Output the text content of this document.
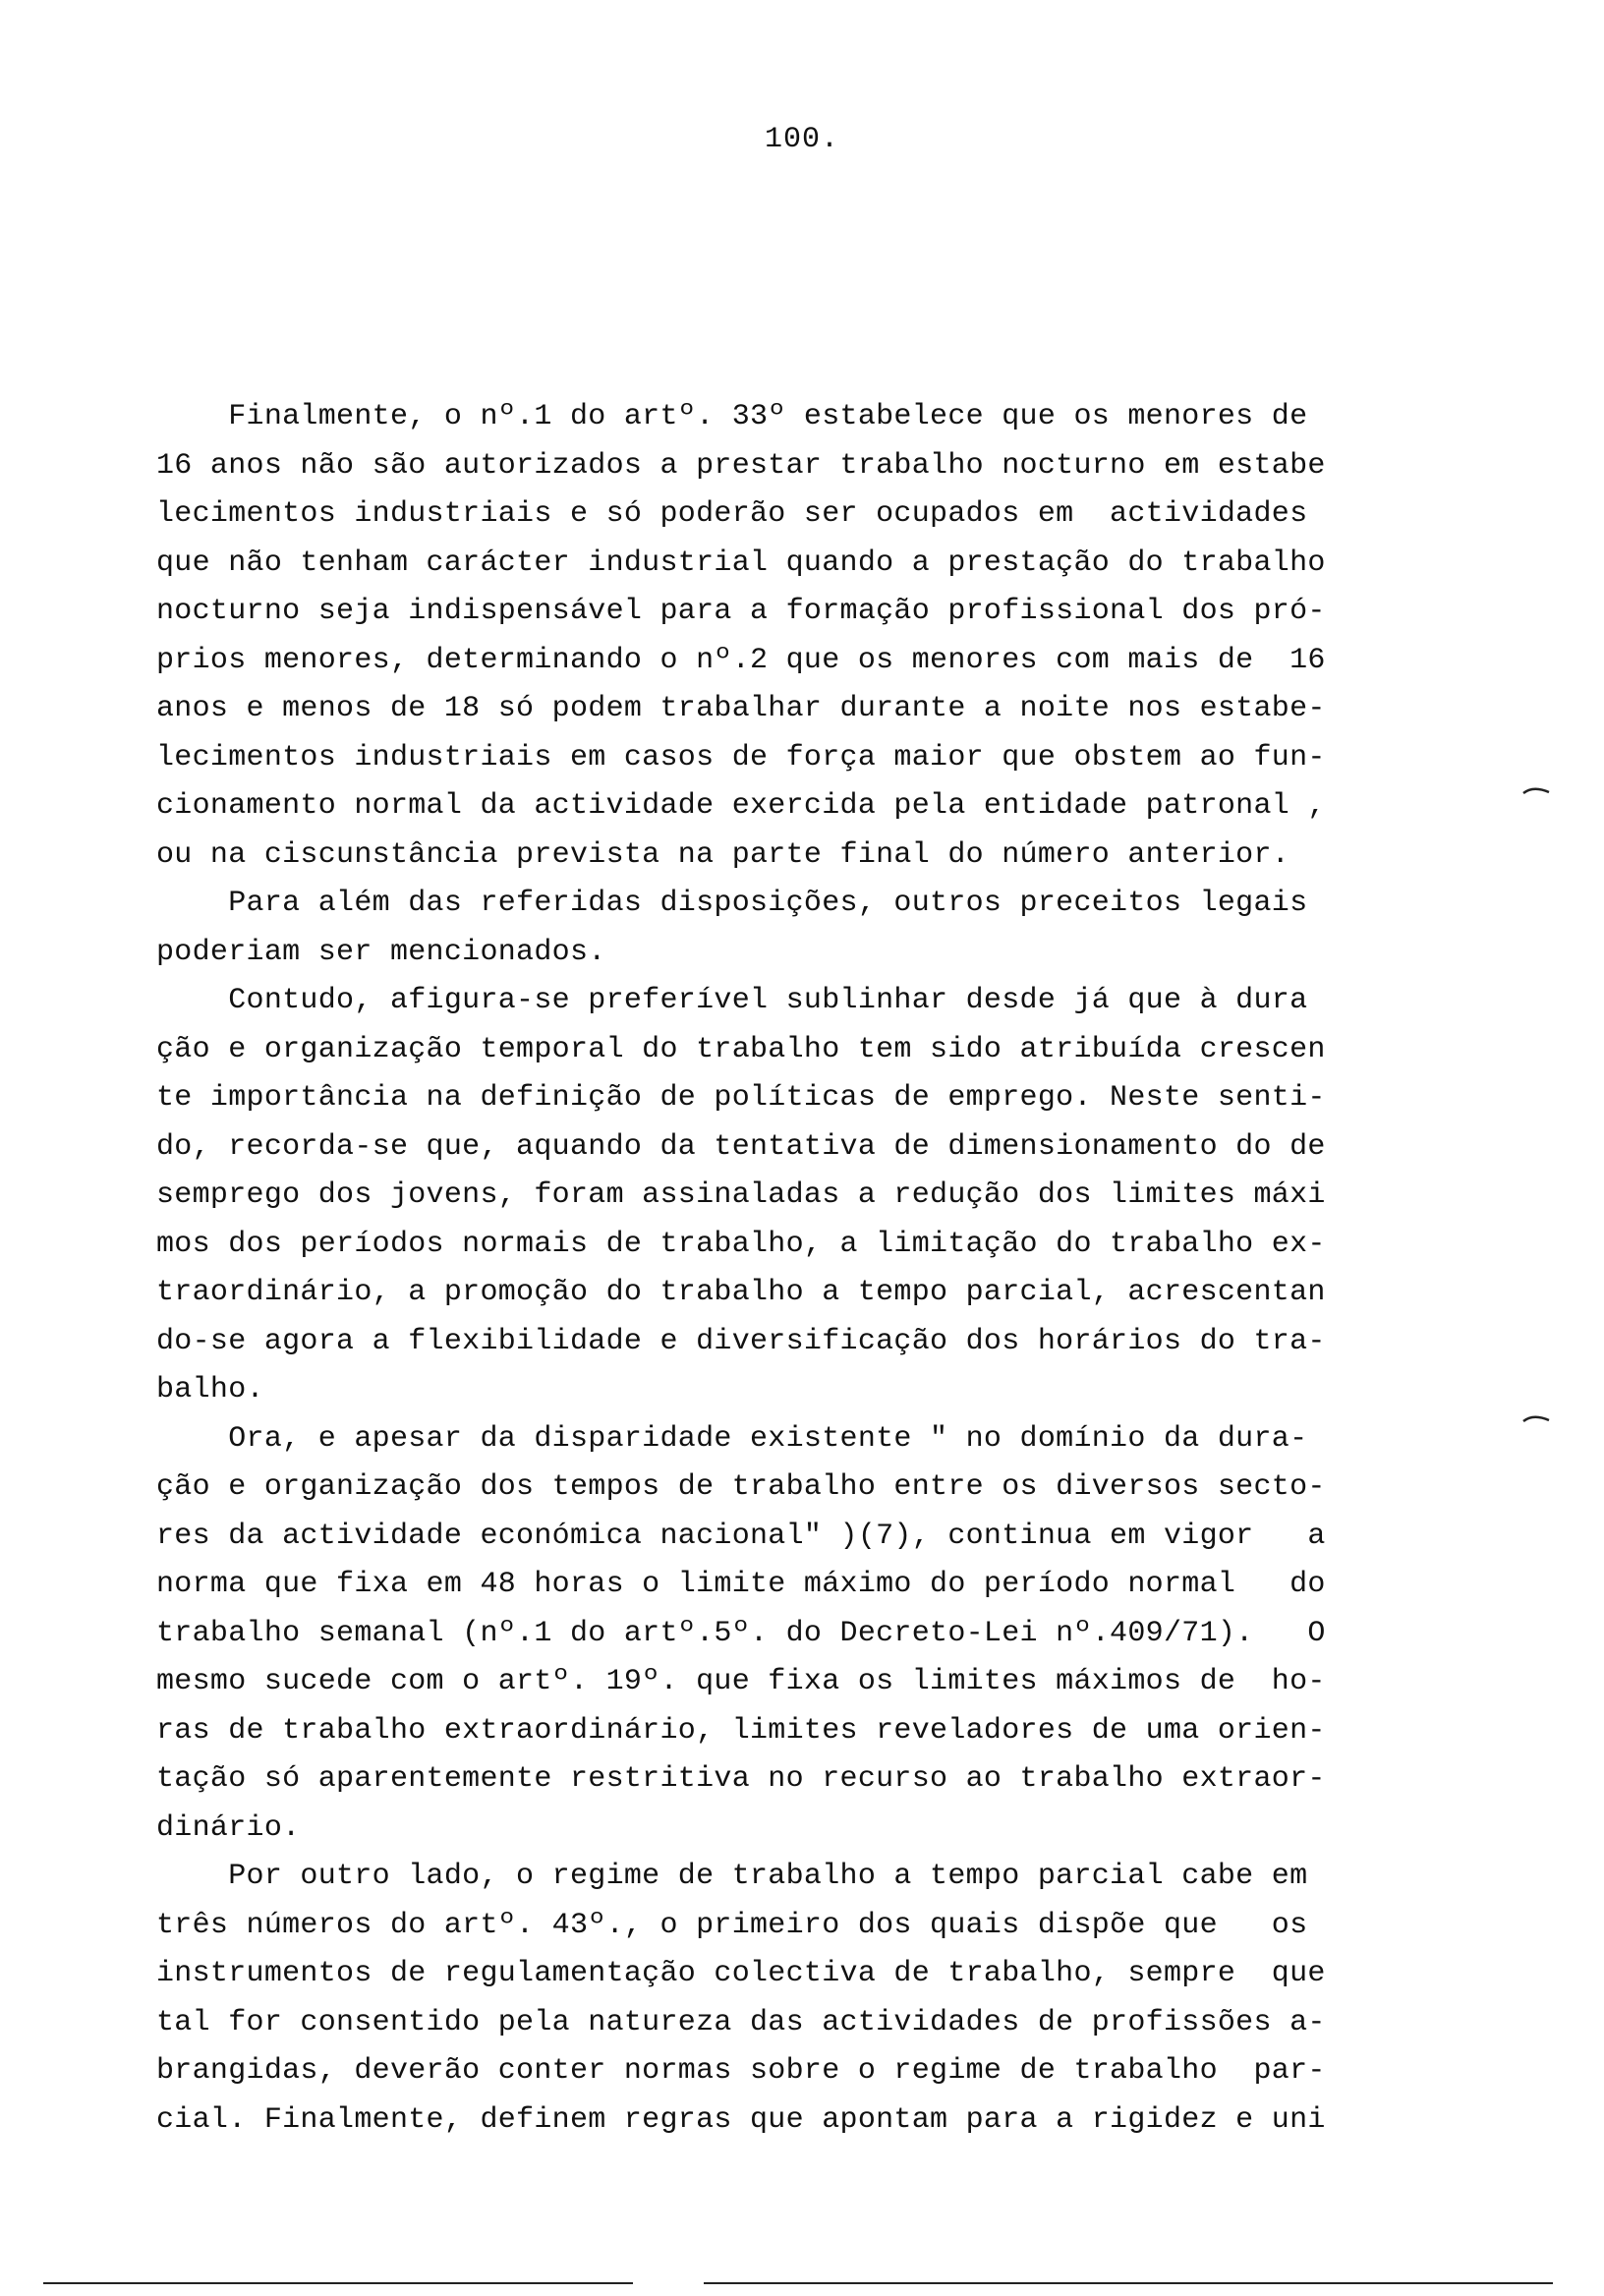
100.
Finalmente, o nº.1 do artº. 33º estabelece que os menores de
16 anos não são autorizados a prestar trabalho nocturno em estabe
lecimentos industriais e só poderão ser ocupados em  actividades
que não tenham carácter industrial quando a prestação do trabalho
nocturno seja indispensável para a formação profissional dos pró-
prios menores, determinando o nº.2 que os menores com mais de  16
anos e menos de 18 só podem trabalhar durante a noite nos estabe-
lecimentos industriais em casos de força maior que obstem ao fun-
cionamento normal da actividade exercida pela entidade patronal ,
ou na ciscunstância prevista na parte final do número anterior.
Para além das referidas disposições, outros preceitos legais
poderiam ser mencionados.
Contudo, afigura-se preferível sublinhar desde já que à dura
ção e organização temporal do trabalho tem sido atribuída crescen
te importância na definição de políticas de emprego. Neste senti-
do, recorda-se que, aquando da tentativa de dimensionamento do de
semprego dos jovens, foram assinaladas a redução dos limites máxi
mos dos períodos normais de trabalho, a limitação do trabalho ex-
traordinário, a promoção do trabalho a tempo parcial, acrescentan
do-se agora a flexibilidade e diversificação dos horários do tra-
balho.
Ora, e apesar da disparidade existente " no domínio da dura-
ção e organização dos tempos de trabalho entre os diversos secto-
res da actividade económica nacional" )(7), continua em vigor   a
norma que fixa em 48 horas o limite máximo do período normal   do
trabalho semanal (nº.1 do artº.5º. do Decreto-Lei nº.409/71).   O
mesmo sucede com o artº. 19º. que fixa os limites máximos de  ho-
ras de trabalho extraordinário, limites reveladores de uma orien-
tação só aparentemente restritiva no recurso ao trabalho extraor-
dinário.
Por outro lado, o regime de trabalho a tempo parcial cabe em
três números do artº. 43º., o primeiro dos quais dispõe que   os
instrumentos de regulamentação colectiva de trabalho, sempre  que
tal for consentido pela natureza das actividades de profissões a-
brangidas, deverão conter normas sobre o regime de trabalho  par-
cial. Finalmente, definem regras que apontam para a rigidez e uni
